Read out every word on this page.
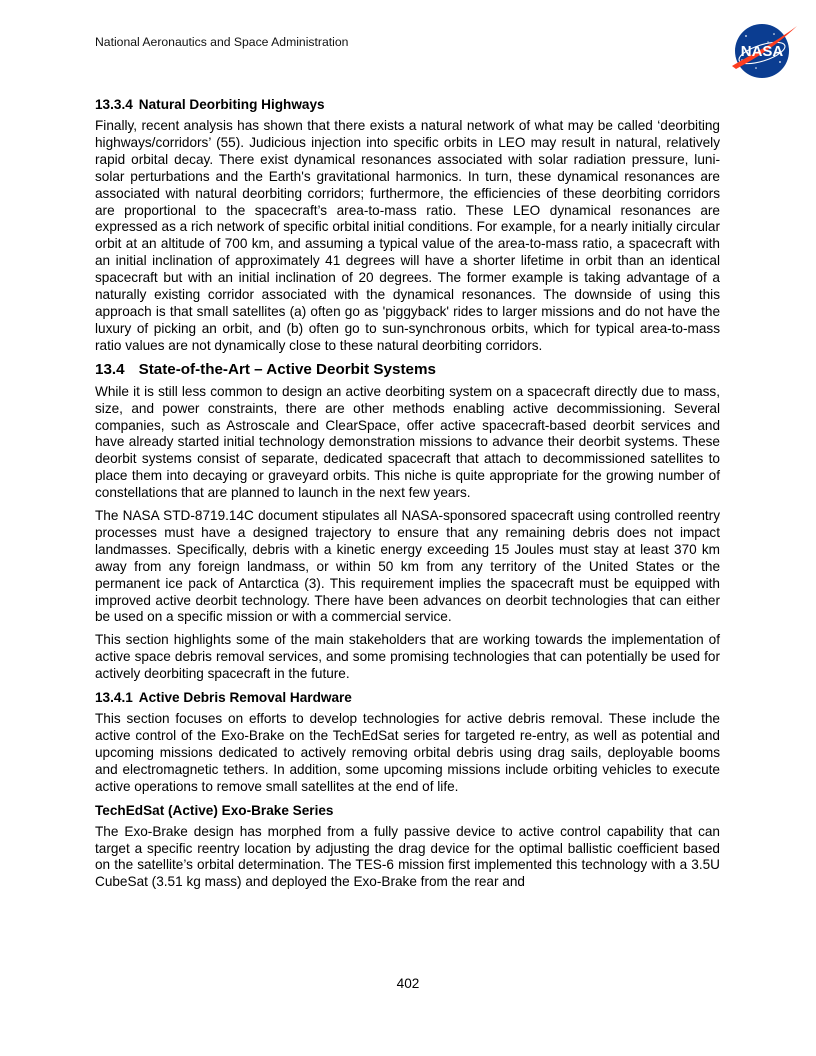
National Aeronautics and Space Administration
NASA
13.3.4 Natural Deorbiting Highways

Finally, recent analysis has shown that there exists a natural network of what may be called ‘deorbiting highways/corridors’ (55). Judicious injection into specific orbits in LEO may result in natural, relatively rapid orbital decay. There exist dynamical resonances associated with solar radiation pressure, luni-solar perturbations and the Earth's gravitational harmonics. In turn, these dynamical resonances are associated with natural deorbiting corridors; furthermore, the efficiencies of these deorbiting corridors are proportional to the spacecraft’s area-to-mass ratio. These LEO dynamical resonances are expressed as a rich network of specific orbital initial conditions. For example, for a nearly initially circular orbit at an altitude of 700 km, and assuming a typical value of the area-to-mass ratio, a spacecraft with an initial inclination of approximately 41 degrees will have a shorter lifetime in orbit than an identical spacecraft but with an initial inclination of 20 degrees. The former example is taking advantage of a naturally existing corridor associated with the dynamical resonances. The downside of using this approach is that small satellites (a) often go as 'piggyback' rides to larger missions and do not have the luxury of picking an orbit, and (b) often go to sun-synchronous orbits, which for typical area-to-mass ratio values are not dynamically close to these natural deorbiting corridors.

13.4 State-of-the-Art – Active Deorbit Systems

While it is still less common to design an active deorbiting system on a spacecraft directly due to mass, size, and power constraints, there are other methods enabling active decommissioning. Several companies, such as Astroscale and ClearSpace, offer active spacecraft-based deorbit services and have already started initial technology demonstration missions to advance their deorbit systems. These deorbit systems consist of separate, dedicated spacecraft that attach to decommissioned satellites to place them into decaying or graveyard orbits. This niche is quite appropriate for the growing number of constellations that are planned to launch in the next few years.

The NASA STD-8719.14C document stipulates all NASA-sponsored spacecraft using controlled reentry processes must have a designed trajectory to ensure that any remaining debris does not impact landmasses. Specifically, debris with a kinetic energy exceeding 15 Joules must stay at least 370 km away from any foreign landmass, or within 50 km from any territory of the United States or the permanent ice pack of Antarctica (3). This requirement implies the spacecraft must be equipped with improved active deorbit technology. There have been advances on deorbit technologies that can either be used on a specific mission or with a commercial service.

This section highlights some of the main stakeholders that are working towards the implementation of active space debris removal services, and some promising technologies that can potentially be used for actively deorbiting spacecraft in the future.

13.4.1 Active Debris Removal Hardware

This section focuses on efforts to develop technologies for active debris removal. These include the active control of the Exo-Brake on the TechEdSat series for targeted re-entry, as well as potential and upcoming missions dedicated to actively removing orbital debris using drag sails, deployable booms and electromagnetic tethers. In addition, some upcoming missions include orbiting vehicles to execute active operations to remove small satellites at the end of life.

TechEdSat (Active) Exo-Brake Series

The Exo-Brake design has morphed from a fully passive device to active control capability that can target a specific reentry location by adjusting the drag device for the optimal ballistic coefficient based on the satellite’s orbital determination. The TES-6 mission first implemented this technology with a 3.5U CubeSat (3.51 kg mass) and deployed the Exo-Brake from the rear and

402
